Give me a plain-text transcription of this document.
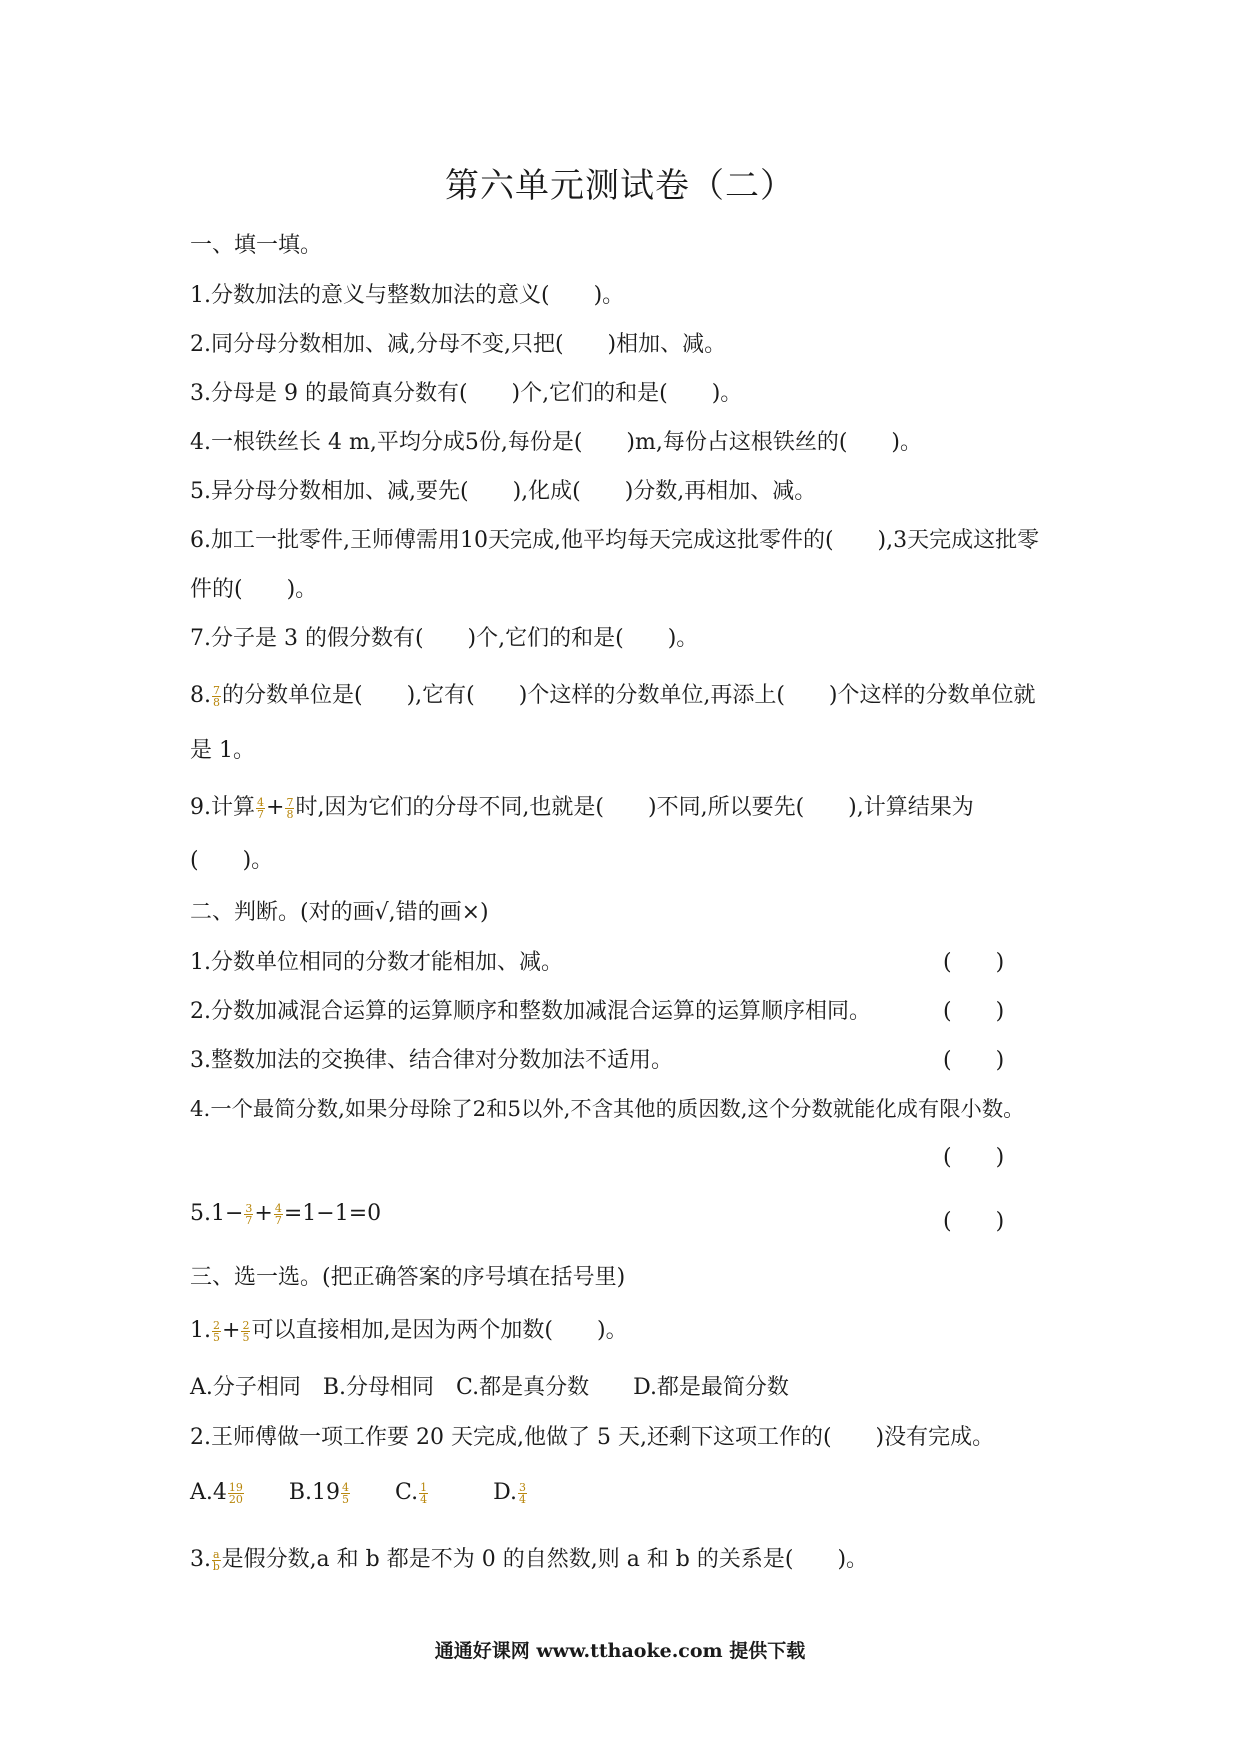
第六单元测试卷（二）
一、填一填。
1.分数加法的意义与整数加法的意义(　　)。
2.同分母分数相加、减,分母不变,只把(　　)相加、减。
3.分母是 9 的最简真分数有(　　)个,它们的和是(　　)。
4.一根铁丝长 4 m,平均分成5份,每份是(　　)m,每份占这根铁丝的(　　)。
5.异分母分数相加、减,要先(　　),化成(　　)分数,再相加、减。
6.加工一批零件,王师傅需用10天完成,他平均每天完成这批零件的(　　),3天完成这批零
件的(　　)。
7.分子是 3 的假分数有(　　)个,它们的和是(　　)。
8. $\frac{7}{8}$ 的分数单位是(　　),它有(　　)个这样的分数单位,再添上(　　)个这样的分数单位就
是 1。
9.计算 $\frac{4}{7} + \frac{7}{8}$ 时,因为它们的分母不同,也就是(　　)不同,所以要先(　　),计算结果为
(　　)。
二、判断。(对的画√,错的画×)
1.分数单位相同的分数才能相加、减。	(　　)
2.分数加减混合运算的运算顺序和整数加减混合运算的运算顺序相同。	(　　)
3.整数加法的交换律、结合律对分数加法不适用。	(　　)
4.一个最简分数,如果分母除了2和5以外,不含其他的质因数,这个分数就能化成有限小数。
(　　)
$5.1- \frac{3}{7} + \frac{4}{7} =1-1=0$	(　　)
三、选一选。(把正确答案的序号填在括号里)
1. $\frac{2}{5} + \frac{2}{5}$ 可以直接相加,是因为两个加数(　　)。
A.分子相同　B.分母相同　C.都是真分数　　D.都是最简分数
2.王师傅做一项工作要 20 天完成,他做了 5 天,还剩下这项工作的(　　)没有完成。
$A.4 \frac{19}{20} B.19 \frac{4}{5} C$. $\frac{1}{4}$	D. $\frac{3}{4}$
3. $\frac{a}{b}$ 是假分数,a 和 b 都是不为 0 的自然数,则 a 和 b 的关系是(　　)。
通通好课网 www.tthaoke.com 提供下载
